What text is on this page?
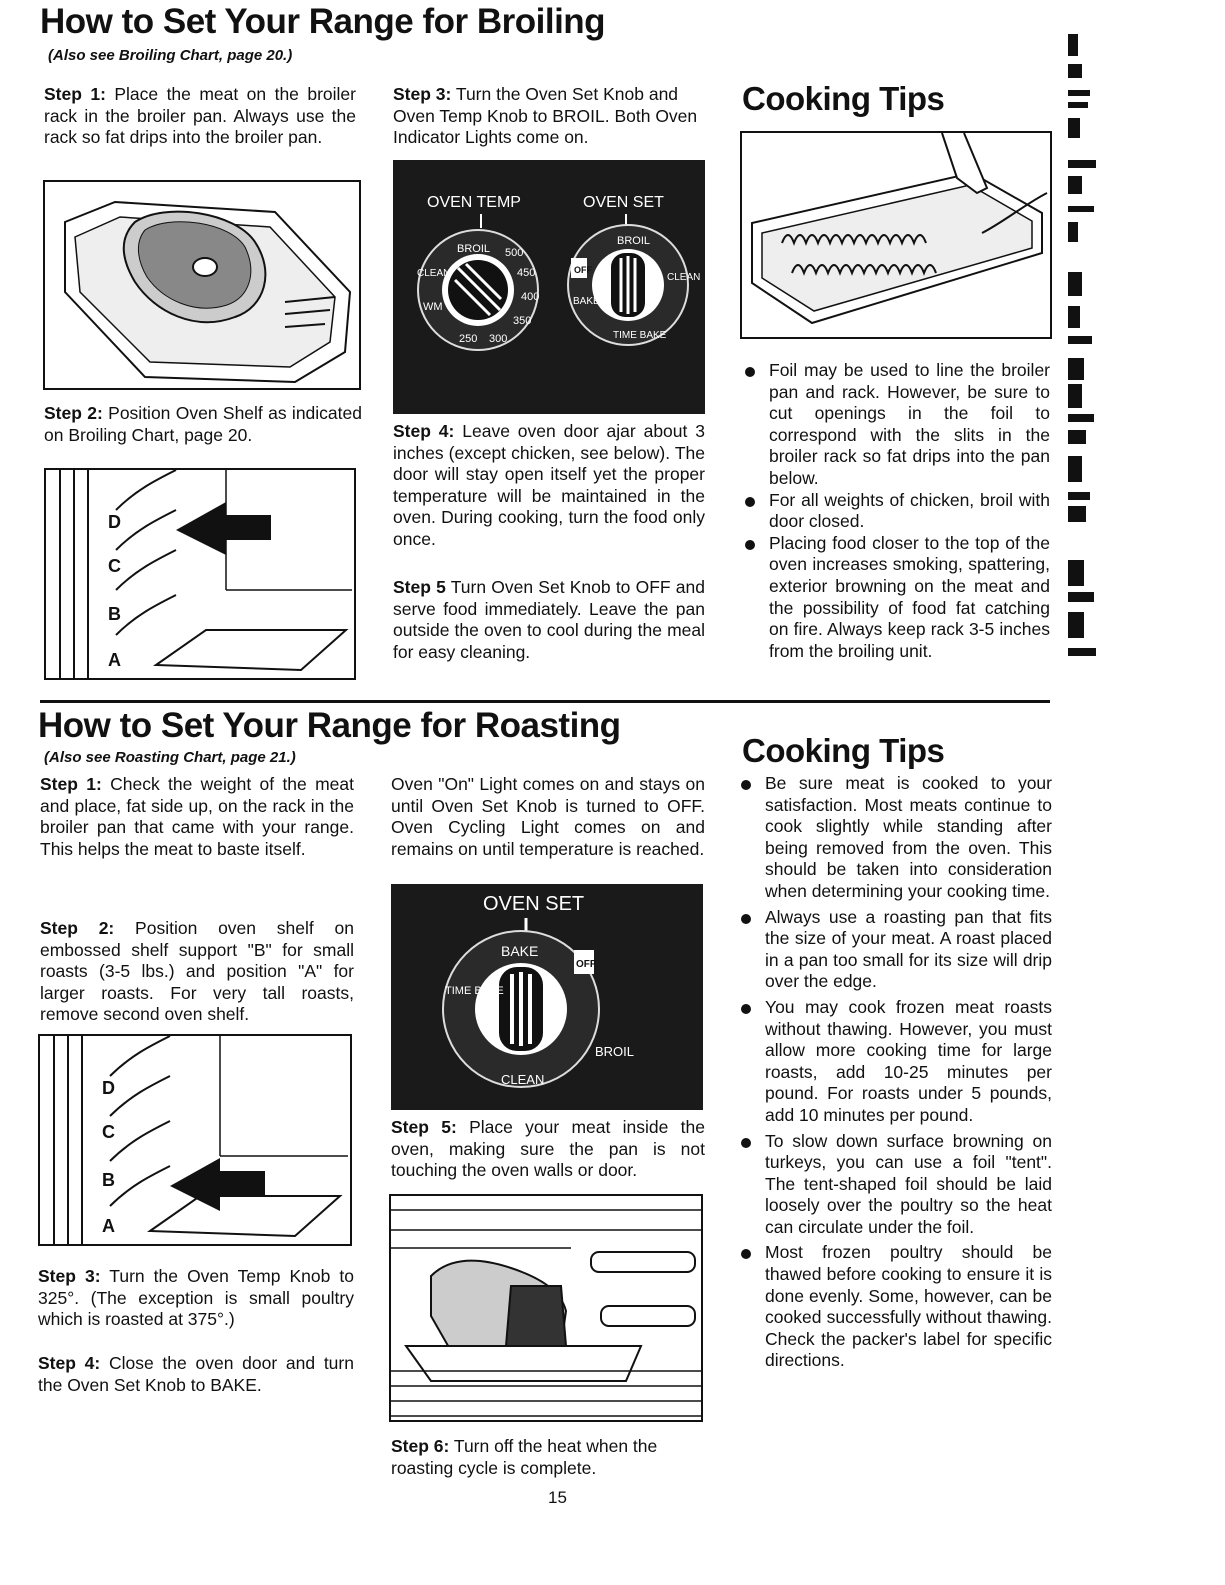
How to Set Your Range for Broiling
(Also see Broiling Chart, page 20.)

Step 1: Place the meat on the broiler rack in the broiler pan. Always use the rack so fat drips into the broiler pan.

Step 2: Position Oven Shelf as indicated on Broiling Chart, page 20.

D
C
B
A

Step 3: Turn the Oven Set Knob and Oven Temp Knob to BROIL. Both Oven Indicator Lights come on.

OVEN TEMP	OVEN SET
BROIL 500
450
400
350
300
250
WM
CLEAN	OFF
BROIL
CLEAN
BAKE
TIME BAKE

Step 4: Leave oven door ajar about 3 inches (except chicken, see below). The door will stay open itself yet the proper temperature will be maintained in the oven. During cooking, turn the food only once.

Step 5 Turn Oven Set Knob to OFF and serve food immediately. Leave the pan outside the oven to cool during the meal for easy cleaning.

Cooking Tips
Foil may be used to line the broiler pan and rack. However, be sure to cut openings in the foil to correspond with the slits in the broiler rack so fat drips into the pan below.
For all weights of chicken, broil with door closed.
Placing food closer to the top of the oven increases smoking, spattering, exterior browning on the meat and the possibility of food fat catching on fire. Always keep rack 3-5 inches from the broiling unit.
How to Set Your Range for Roasting
(Also see Roasting Chart, page 21.)

Step 1: Check the weight of the meat and place, fat side up, on the rack in the broiler pan that came with your range. This helps the meat to baste itself.

Step 2: Position oven shelf on embossed shelf support "B" for small roasts (3-5 lbs.) and position "A" for larger roasts. For very tall roasts, remove second oven shelf.

D
C
B
A

Step 3: Turn the Oven Temp Knob to 325°. (The exception is small poultry which is roasted at 375°.)

Step 4: Close the oven door and turn the Oven Set Knob to BAKE.

Oven "On" Light comes on and stays on until Oven Set Knob is turned to OFF. Oven Cycling Light comes on and remains on until temperature is reached.

OVEN SET
BAKE
OFF
BROIL
CLEAN
TIME BAKE

Step 5: Place your meat inside the oven, making sure the pan is not touching the oven walls or door.

Step 6: Turn off the heat when the roasting cycle is complete.

Cooking Tips
Be sure meat is cooked to your satisfaction. Most meats continue to cook slightly while standing after being removed from the oven. This should be taken into consideration when determining your cooking time.
Always use a roasting pan that fits the size of your meat. A roast placed in a pan too small for its size will drip over the edge.
You may cook frozen meat roasts without thawing. However, you must allow more cooking time for large roasts, add 10-25 minutes per pound. For roasts under 5 pounds, add 10 minutes per pound.
To slow down surface browning on turkeys, you can use a foil "tent". The tent-shaped foil should be laid loosely over the poultry so the heat can circulate under the foil.
Most frozen poultry should be thawed before cooking to ensure it is done evenly. Some, however, can be cooked successfully without thawing. Check the packer's label for specific directions.
15
